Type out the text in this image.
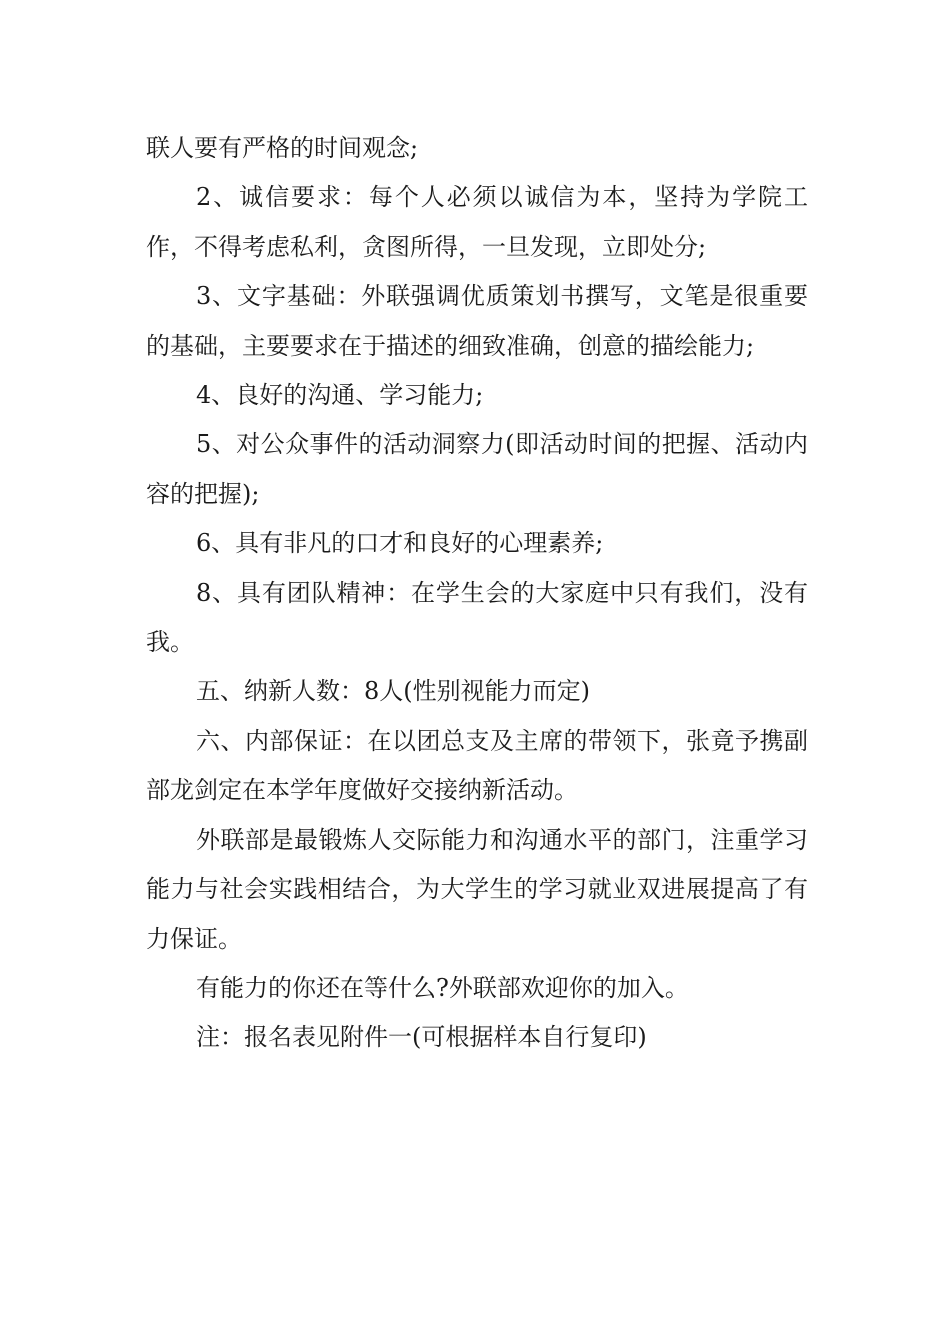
联人要有严格的时间观念;

2、诚信要求：每个人必须以诚信为本，坚持为学院工作，不得考虑私利，贪图所得，一旦发现，立即处分;

3、文字基础：外联强调优质策划书撰写，文笔是很重要的基础，主要要求在于描述的细致准确，创意的描绘能力;

4、良好的沟通、学习能力;

5、对公众事件的活动洞察力(即活动时间的把握、活动内容的把握);

6、具有非凡的口才和良好的心理素养;

8、具有团队精神：在学生会的大家庭中只有我们，没有我。

五、纳新人数：8人(性别视能力而定)

六、内部保证：在以团总支及主席的带领下，张竟予携副部龙剑定在本学年度做好交接纳新活动。

外联部是最锻炼人交际能力和沟通水平的部门，注重学习能力与社会实践相结合，为大学生的学习就业双进展提高了有力保证。

有能力的你还在等什么?外联部欢迎你的加入。

注：报名表见附件一(可根据样本自行复印)
